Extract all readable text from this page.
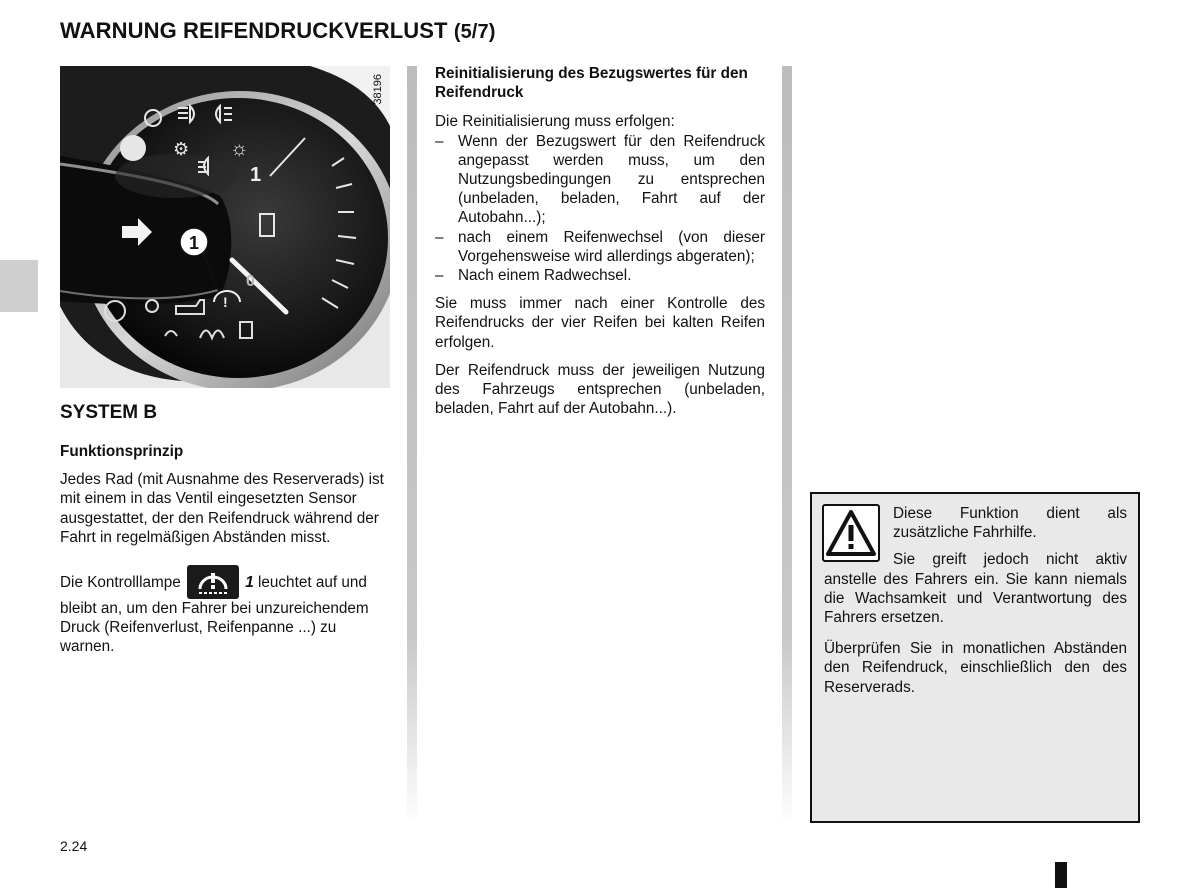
WARNUNG REIFENDRUCKVERLUST (5/7)
1
0
⚙ ☼
!
1
38196
SYSTEM B

Funktionsprinzip

Jedes Rad (mit Ausnahme des Reserverads) ist mit einem in das Ventil eingesetzten Sensor ausgestattet, der den Reifendruck während der Fahrt in regelmäßigen Abständen misst.

Die Kontrolllampe	1 leuchtet auf und bleibt an, um den Fahrer bei unzureichendem Druck (Reifenverlust, Reifenpanne ...) zu warnen.

Reinitialisierung des Bezugswertes für den Reifendruck

Die Reinitialisierung muss erfolgen:

– Wenn der Bezugswert für den Reifendruck angepasst werden muss, um den Nutzungsbedingungen zu entsprechen (unbeladen, beladen, Fahrt auf der Autobahn...);
– nach einem Reifenwechsel (von dieser Vorgehensweise wird allerdings abgeraten);
– Nach einem Radwechsel.

Sie muss immer nach einer Kontrolle des Reifendrucks der vier Reifen bei kalten Reifen erfolgen.

Der Reifendruck muss der jeweiligen Nutzung des Fahrzeugs entsprechen (unbeladen, beladen, Fahrt auf der Autobahn...).

Diese Funktion dient als zusätzliche Fahrhilfe.

Sie greift jedoch nicht aktiv anstelle des Fahrers ein. Sie kann niemals die Wachsamkeit und Verantwortung des Fahrers ersetzen.

Überprüfen Sie in monatlichen Abständen den Reifendruck, einschließlich den des Reserverads.

2.24
